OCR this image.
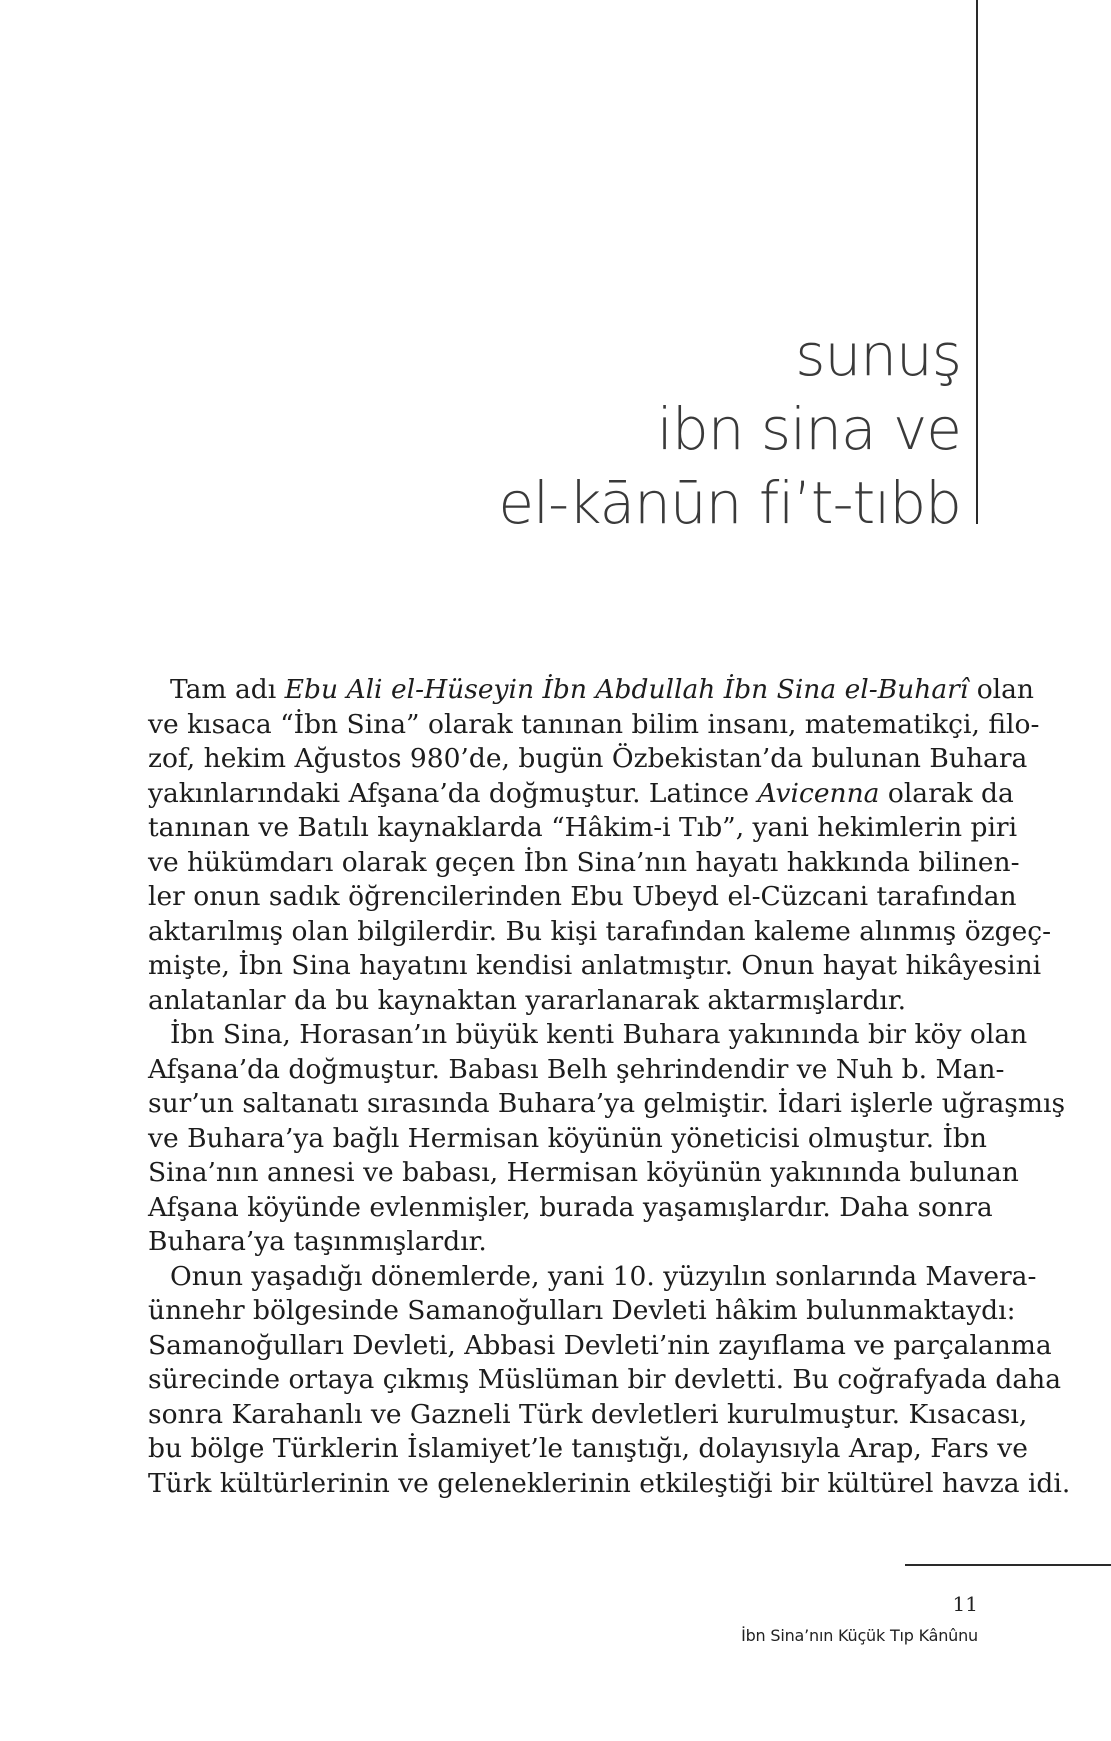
sunuş
ibn sina ve
el-kānūn fi’t-tıbb
Tam adı Ebu Ali el-Hüseyin İbn Abdullah İbn Sina el-Buharî olan
ve kısaca “İbn Sina” olarak tanınan bilim insanı, matematikçi, filo-
zof, hekim Ağustos 980’de, bugün Özbekistan’da bulunan Buhara
yakınlarındaki Afşana’da doğmuştur. Latince Avicenna olarak da
tanınan ve Batılı kaynaklarda “Hâkim-i Tıb”, yani hekimlerin piri
ve hükümdarı olarak geçen İbn Sina’nın hayatı hakkında bilinen-
ler onun sadık öğrencilerinden Ebu Ubeyd el-Cüzcani tarafından
aktarılmış olan bilgilerdir. Bu kişi tarafından kaleme alınmış özgeç-
mişte, İbn Sina hayatını kendisi anlatmıştır. Onun hayat hikâyesini
anlatanlar da bu kaynaktan yararlanarak aktarmışlardır.
İbn Sina, Horasan’ın büyük kenti Buhara yakınında bir köy olan
Afşana’da doğmuştur. Babası Belh şehrindendir ve Nuh b. Man-
sur’un saltanatı sırasında Buhara’ya gelmiştir. İdari işlerle uğraşmış
ve Buhara’ya bağlı Hermisan köyünün yöneticisi olmuştur. İbn
Sina’nın annesi ve babası, Hermisan köyünün yakınında bulunan
Afşana köyünde evlenmişler, burada yaşamışlardır. Daha sonra
Buhara’ya taşınmışlardır.
Onun yaşadığı dönemlerde, yani 10. yüzyılın sonlarında Mavera-
ünnehr bölgesinde Samanoğulları Devleti hâkim bulunmaktaydı:
Samanoğulları Devleti, Abbasi Devleti’nin zayıflama ve parçalanma
sürecinde ortaya çıkmış Müslüman bir devletti. Bu coğrafyada daha
sonra Karahanlı ve Gazneli Türk devletleri kurulmuştur. Kısacası,
bu bölge Türklerin İslamiyet’le tanıştığı, dolayısıyla Arap, Fars ve
Türk kültürlerinin ve geleneklerinin etkileştiği bir kültürel havza idi.
11
İbn Sina’nın Küçük Tıp Kânûnu
